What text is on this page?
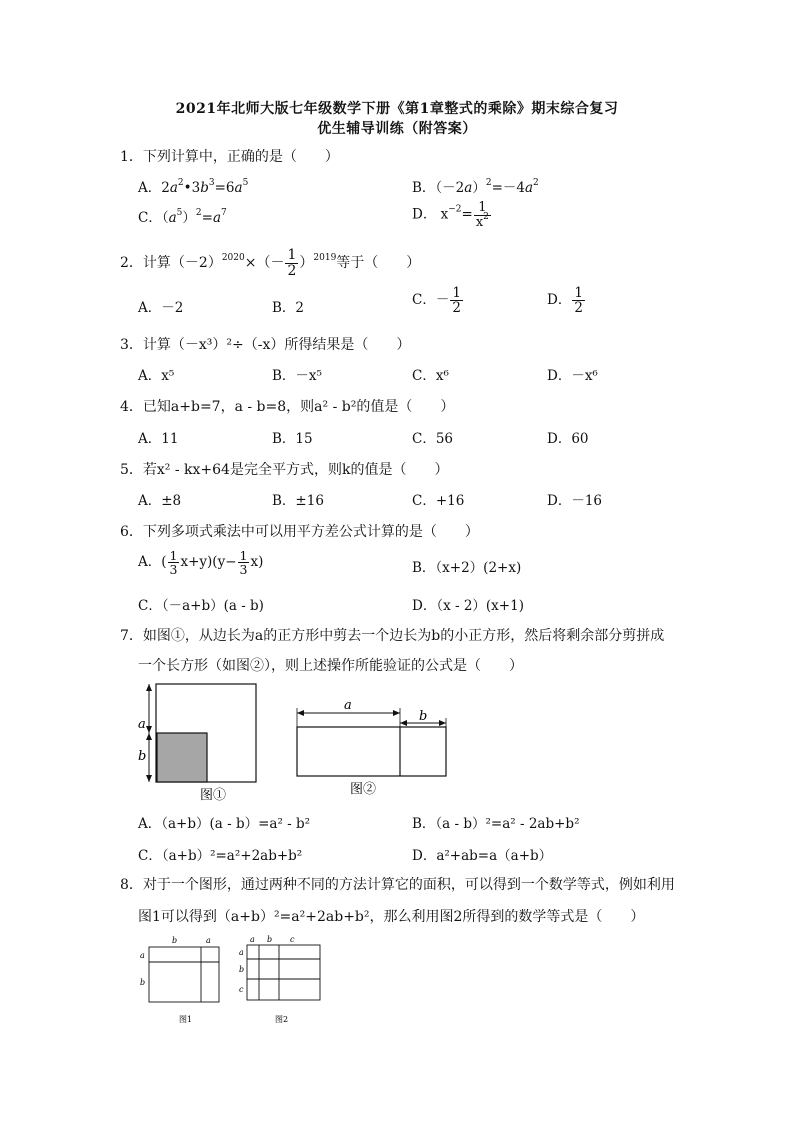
2021年北师大版七年级数学下册《第1章整式的乘除》期末综合复习
优生辅导训练（附答案）
1．下列计算中，正确的是（　　）
A．$2a^2•3b^3=6a^5$	B．$(-2a)^2=-4a^2$
C．$(a^5)^2=a^7$	D． $x^{-2}= \frac{1}{x^2}$
2．计算$(-2)^{2020}\times(- \frac{1}{2} )^{2019}$等于（　　）
A．－2	B．2	C．－ $\frac{1}{2}$	D． $\frac{1}{2}$
3．计算（－x³）²÷（-x）所得结果是（　　）
A．x⁵	B．－x⁵	C．x⁶	D．－x⁶
4．已知a+b=7，a - b=8，则a² - b²的值是（　　）
A．11	B．15	C．56	D．60
5．若x² - kx+64是完全平方式，则k的值是（　　）
A．±8	B．±16	C．+16	D．－16
6．下列多项式乘法中可以用平方差公式计算的是（　　）
A．( $\frac{1}{3} x+y)(y- \frac{1}{3} x)$	B．（x+2）(2+x)
C．（－a+b）(a - b)	D．（x - 2）(x+1)
7．如图①，从边长为a的正方形中剪去一个边长为b的小正方形，然后将剩余部分剪拼成
一个长方形（如图②），则上述操作所能验证的公式是（　　）
a
b
图①
a
b
图②
A．（a+b）(a - b）=a² - b²	B．（a - b）²=a² - 2ab+b²
C．（a+b）²=a²+2ab+b²	D．a²+ab=a（a+b）
8．对于一个图形，通过两种不同的方法计算它的面积，可以得到一个数学等式，例如利用
图1可以得到（a+b）²=a²+2ab+b²，那么利用图2所得到的数学等式是（　　）
b	a
a
b
图1
a b c
a
b
c
图2
